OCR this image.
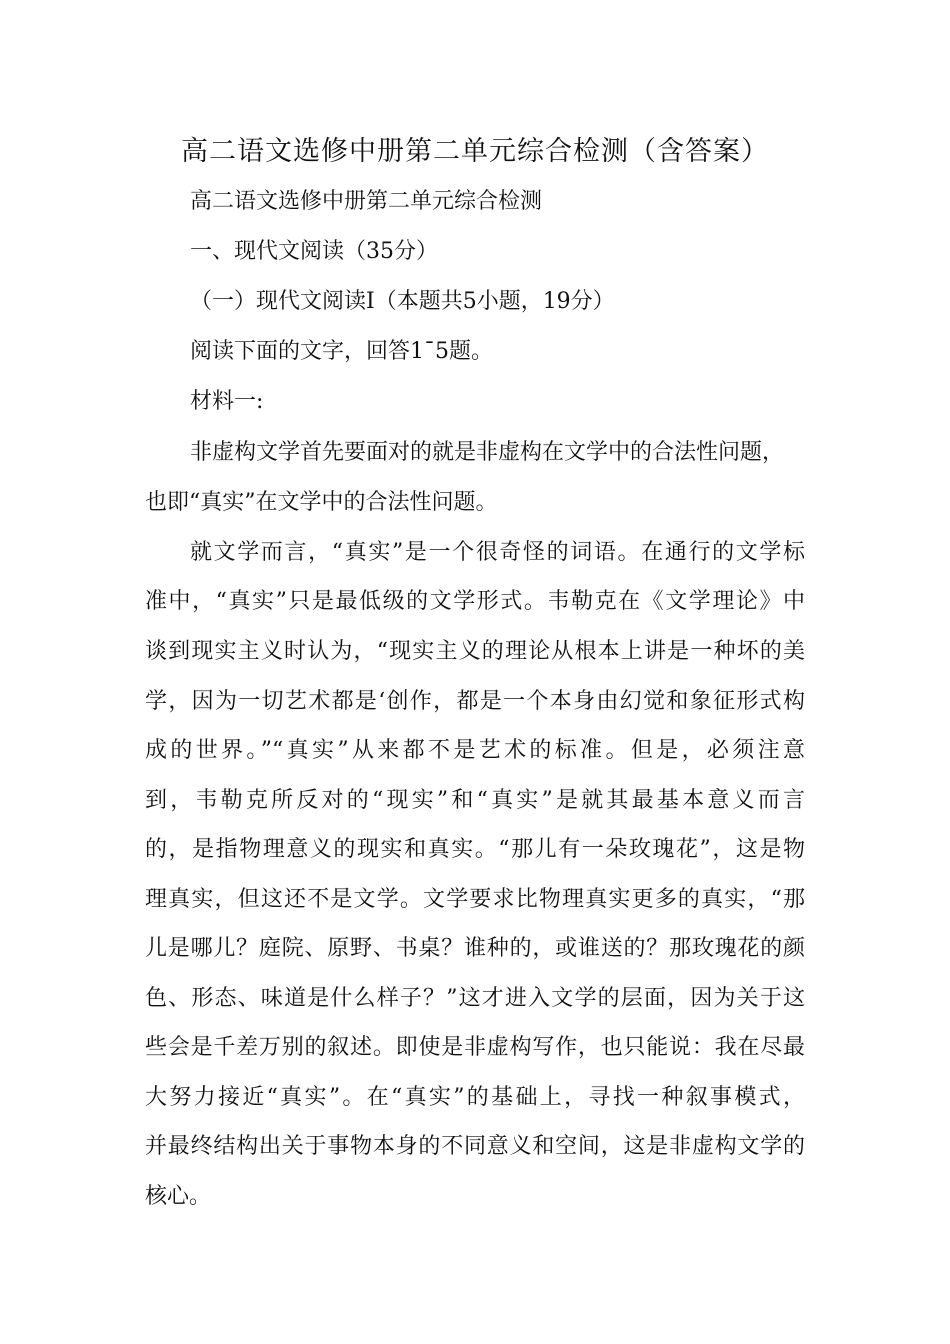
高二语文选修中册第二单元综合检测（含答案）
高二语文选修中册第二单元综合检测
一、现代文阅读（35分）
（一）现代文阅读Ⅰ（本题共5小题，19分）
阅读下面的文字，回答1¯5题。
材料一:
非虚构文学首先要面对的就是非虚构在文学中的合法性问题，
也即“真实”在文学中的合法性问题。
就文学而言，“真实”是一个很奇怪的词语。在通行的文学标
准中，“真实”只是最低级的文学形式。韦勒克在《文学理论》中
谈到现实主义时认为，“现实主义的理论从根本上讲是一种坏的美
学，因为一切艺术都是‘创作，都是一个本身由幻觉和象征形式构
成的世界。”“真实”从来都不是艺术的标准。但是，必须注意
到，韦勒克所反对的“现实”和“真实”是就其最基本意义而言
的，是指物理意义的现实和真实。“那儿有一朵玫瑰花”，这是物
理真实，但这还不是文学。文学要求比物理真实更多的真实，“那
儿是哪儿？庭院、原野、书桌？谁种的，或谁送的？那玫瑰花的颜
色、形态、味道是什么样子？”这才进入文学的层面，因为关于这
些会是千差万别的叙述。即使是非虚构写作，也只能说：我在尽最
大努力接近“真实”。在“真实”的基础上，寻找一种叙事模式，
并最终结构出关于事物本身的不同意义和空间，这是非虚构文学的
核心。
